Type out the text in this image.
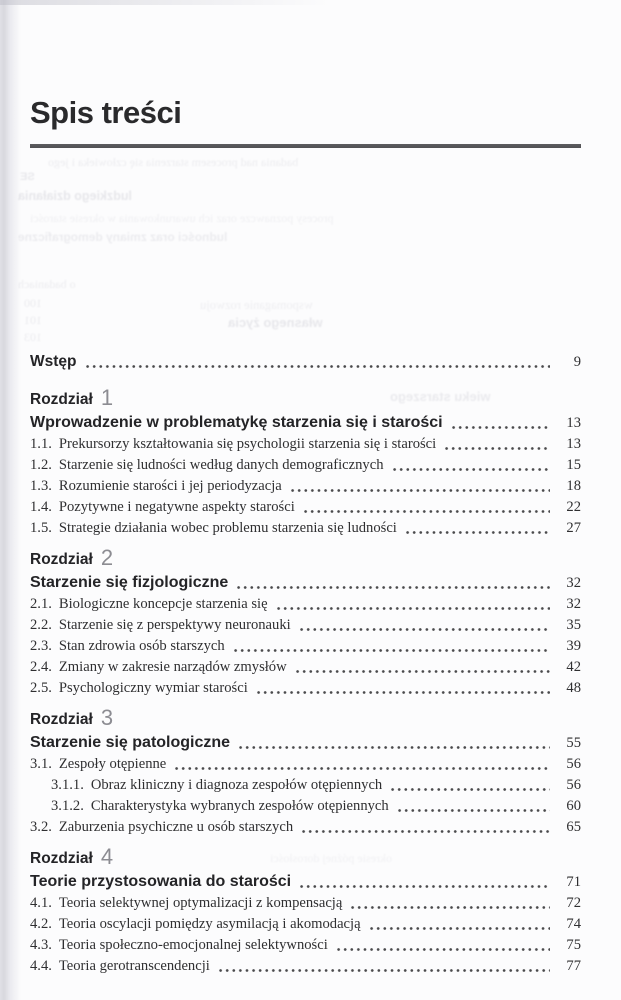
badania nad procesem starzenia się człowieka i jego
SE
ludzkiego działania
procesy poznawcze oraz ich uwarunkowania w okresie starości
ludności oraz zmiany demograficzne
o badaniach
wspomaganie rozwoju
własnego życia
100
101
103
wieku starszego
okresie późnej dorosłości
Spis treści
Wstęp	9
Rozdział 1
Wprowadzenie w problematykę starzenia się i starości	13
1.1. Prekursorzy kształtowania się psychologii starzenia się i starości	13
1.2. Starzenie się ludności według danych demograficznych	15
1.3. Rozumienie starości i jej periodyzacja	18
1.4. Pozytywne i negatywne aspekty starości	22
1.5. Strategie działania wobec problemu starzenia się ludności	27
Rozdział 2
Starzenie się fizjologiczne	32
2.1. Biologiczne koncepcje starzenia się	32
2.2. Starzenie się z perspektywy neuronauki	35
2.3. Stan zdrowia osób starszych	39
2.4. Zmiany w zakresie narządów zmysłów	42
2.5. Psychologiczny wymiar starości	48
Rozdział 3
Starzenie się patologiczne	55
3.1. Zespoły otępienne	56
3.1.1. Obraz kliniczny i diagnoza zespołów otępiennych	56
3.1.2. Charakterystyka wybranych zespołów otępiennych	60
3.2. Zaburzenia psychiczne u osób starszych	65
Rozdział 4
Teorie przystosowania do starości	71
4.1. Teoria selektywnej optymalizacji z kompensacją	72
4.2. Teoria oscylacji pomiędzy asymilacją i akomodacją	74
4.3. Teoria społeczno-emocjonalnej selektywności	75
4.4. Teoria gerotranscendencji	77
